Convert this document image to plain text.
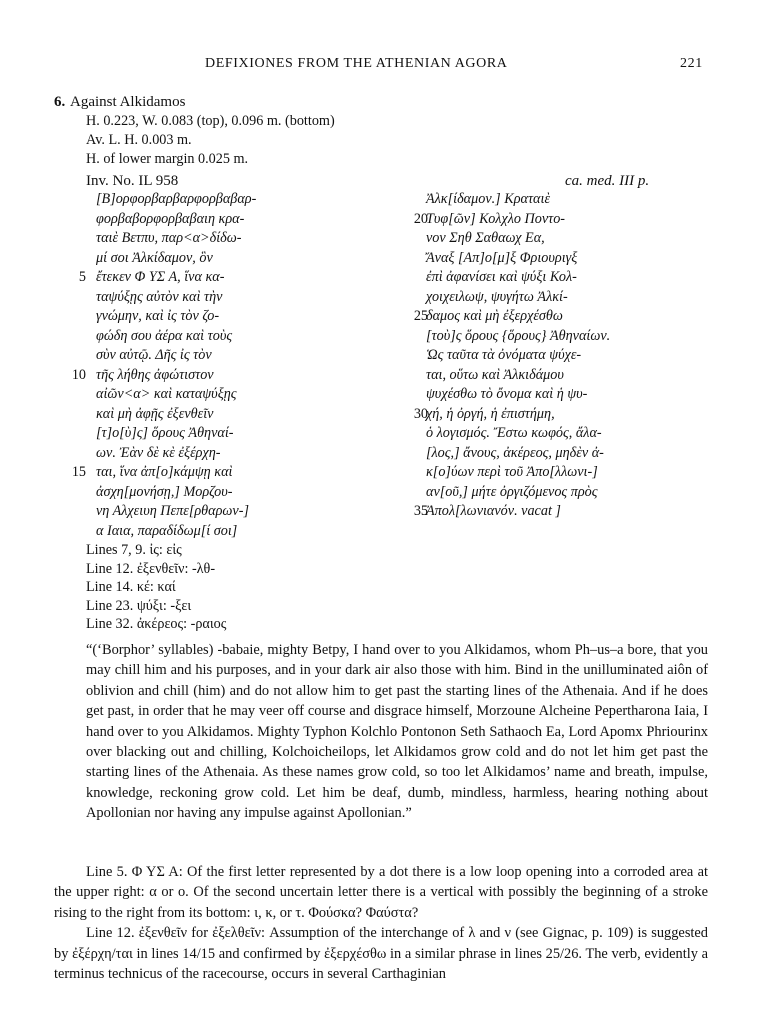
DEFIXIONES FROM THE ATHENIAN AGORA	221
6. Against Alkidamos
H. 0.223, W. 0.083 (top), 0.096 m. (bottom)
Av. L. H. 0.003 m.
H. of lower margin 0.025 m.
Inv. No. IL 958	ca. med. III p.
[Β]ορφορβαρβαρφορβαβαρ-
φορβαβορφορβαβαιη κρα-
ταιὲ Βετπυ, παρ<α>δίδω-
μί σοι Ἀλκίδαμον, ὃν
5 ἔτεκεν Φ ΥΣ Α, ἵνα κα-
ταψύξῃς αὐτὸν καὶ τὴν
γνώμην, καὶ ἰς τὸν ζο-
φώδη σου ἀέρα καὶ τοὺς
σὺν αὐτῷ. Δῆς ἰς τὸν
10 τῆς λήθης ἀφώτιστον
αἰῶν<α> καὶ καταψύξῃς
καὶ μὴ ἀφῇς ἐξενθεῖν
[τ]ο[ὺ]ς] ὅρους Ἀθηναί-
ων. Ἐὰν δὲ κὲ ἐξέρχη-
15 ται, ἵνα ἀπ[ο]κάμψῃ καὶ
ἀσχη[μονήσῃ,] Μορζου-
νη Αλχειυη Πεπε[ρθαρων-]
α Ιαια, παραδίδωμ[ί σοι]
Ἀλκ[ίδαμον.] Κραταιὲ
20
Τυφ[ῶν] Κολχλο Ποντο-
νον Σηθ Σαθαωχ Εα,
Ἄναξ [Απ]ο[μ]ξ Φριουριγξ
ἐπὶ ἀφανίσει καὶ ψύξι Κολ-
χοιχειλωψ, ψυγήτω Ἀλκί-
25
δαμος καὶ μὴ ἐξερχέσθω
[τοὺ]ς ὅρους {ὅρους} Ἀθηναίων.
Ὡς ταῦτα τὰ ὀνόματα ψύχε-
ται, οὕτω καὶ Ἀλκιδάμου
ψυχέσθω τὸ ὄνομα καὶ ἡ ψυ-
30
χή, ἡ ὀργή, ἡ ἐπιστήμη,
ὁ λογισμός. Ἔστω κωφός, ἄλα-
[λος,] ἄνους, ἀκέρεος, μηδὲν ἀ-
κ[ο]ύων περὶ τοῦ Ἀπο[λλωνι-]
αν[οῦ,] μήτε ὀργιζόμενος πρὸς
35
Ἀπολ[λωνιανόν. vacat ]
Lines 7, 9. ἰς: εἰς
Line 12. ἐξενθεῖν: -λθ-
Line 14. κέ: καί
Line 23. ψύξι: -ξει
Line 32. ἀκέρεος: -ραιος

“(‘Borphor’ syllables) -babaie, mighty Betpy, I hand over to you Alkidamos, whom Ph–us–a bore, that you may chill him and his purposes, and in your dark air also those with him. Bind in the unilluminated aiôn of oblivion and chill (him) and do not allow him to get past the starting lines of the Athenaia. And if he does get past, in order that he may veer off course and disgrace himself, Morzoune Alcheine Pepertharona Iaia, I hand over to you Alkidamos. Mighty Typhon Kolchlo Pontonon Seth Sathaoch Ea, Lord Apomx Phriourinx over blacking out and chilling, Kolchoicheilops, let Alkidamos grow cold and do not let him get past the starting lines of the Athenaia. As these names grow cold, so too let Alkidamos’ name and breath, impulse, knowledge, reckoning grow cold. Let him be deaf, dumb, mindless, harmless, hearing nothing about Apollonian nor having any impulse against Apollonian.”

Line 5. Φ ΥΣ Α: Of the first letter represented by a dot there is a low loop opening into a corroded area at the upper right: α or ο. Of the second uncertain letter there is a vertical with possibly the beginning of a stroke rising to the right from its bottom: ι, κ, or τ. Φούσκα? Φαύστα?

Line 12. ἐξενθεῖν for ἐξελθεῖν: Assumption of the interchange of λ and ν (see Gignac, p. 109) is suggested by ἐξέρχη/ται in lines 14/15 and confirmed by ἐξερχέσθω in a similar phrase in lines 25/26. The verb, evidently a terminus technicus of the racecourse, occurs in several Carthaginian
